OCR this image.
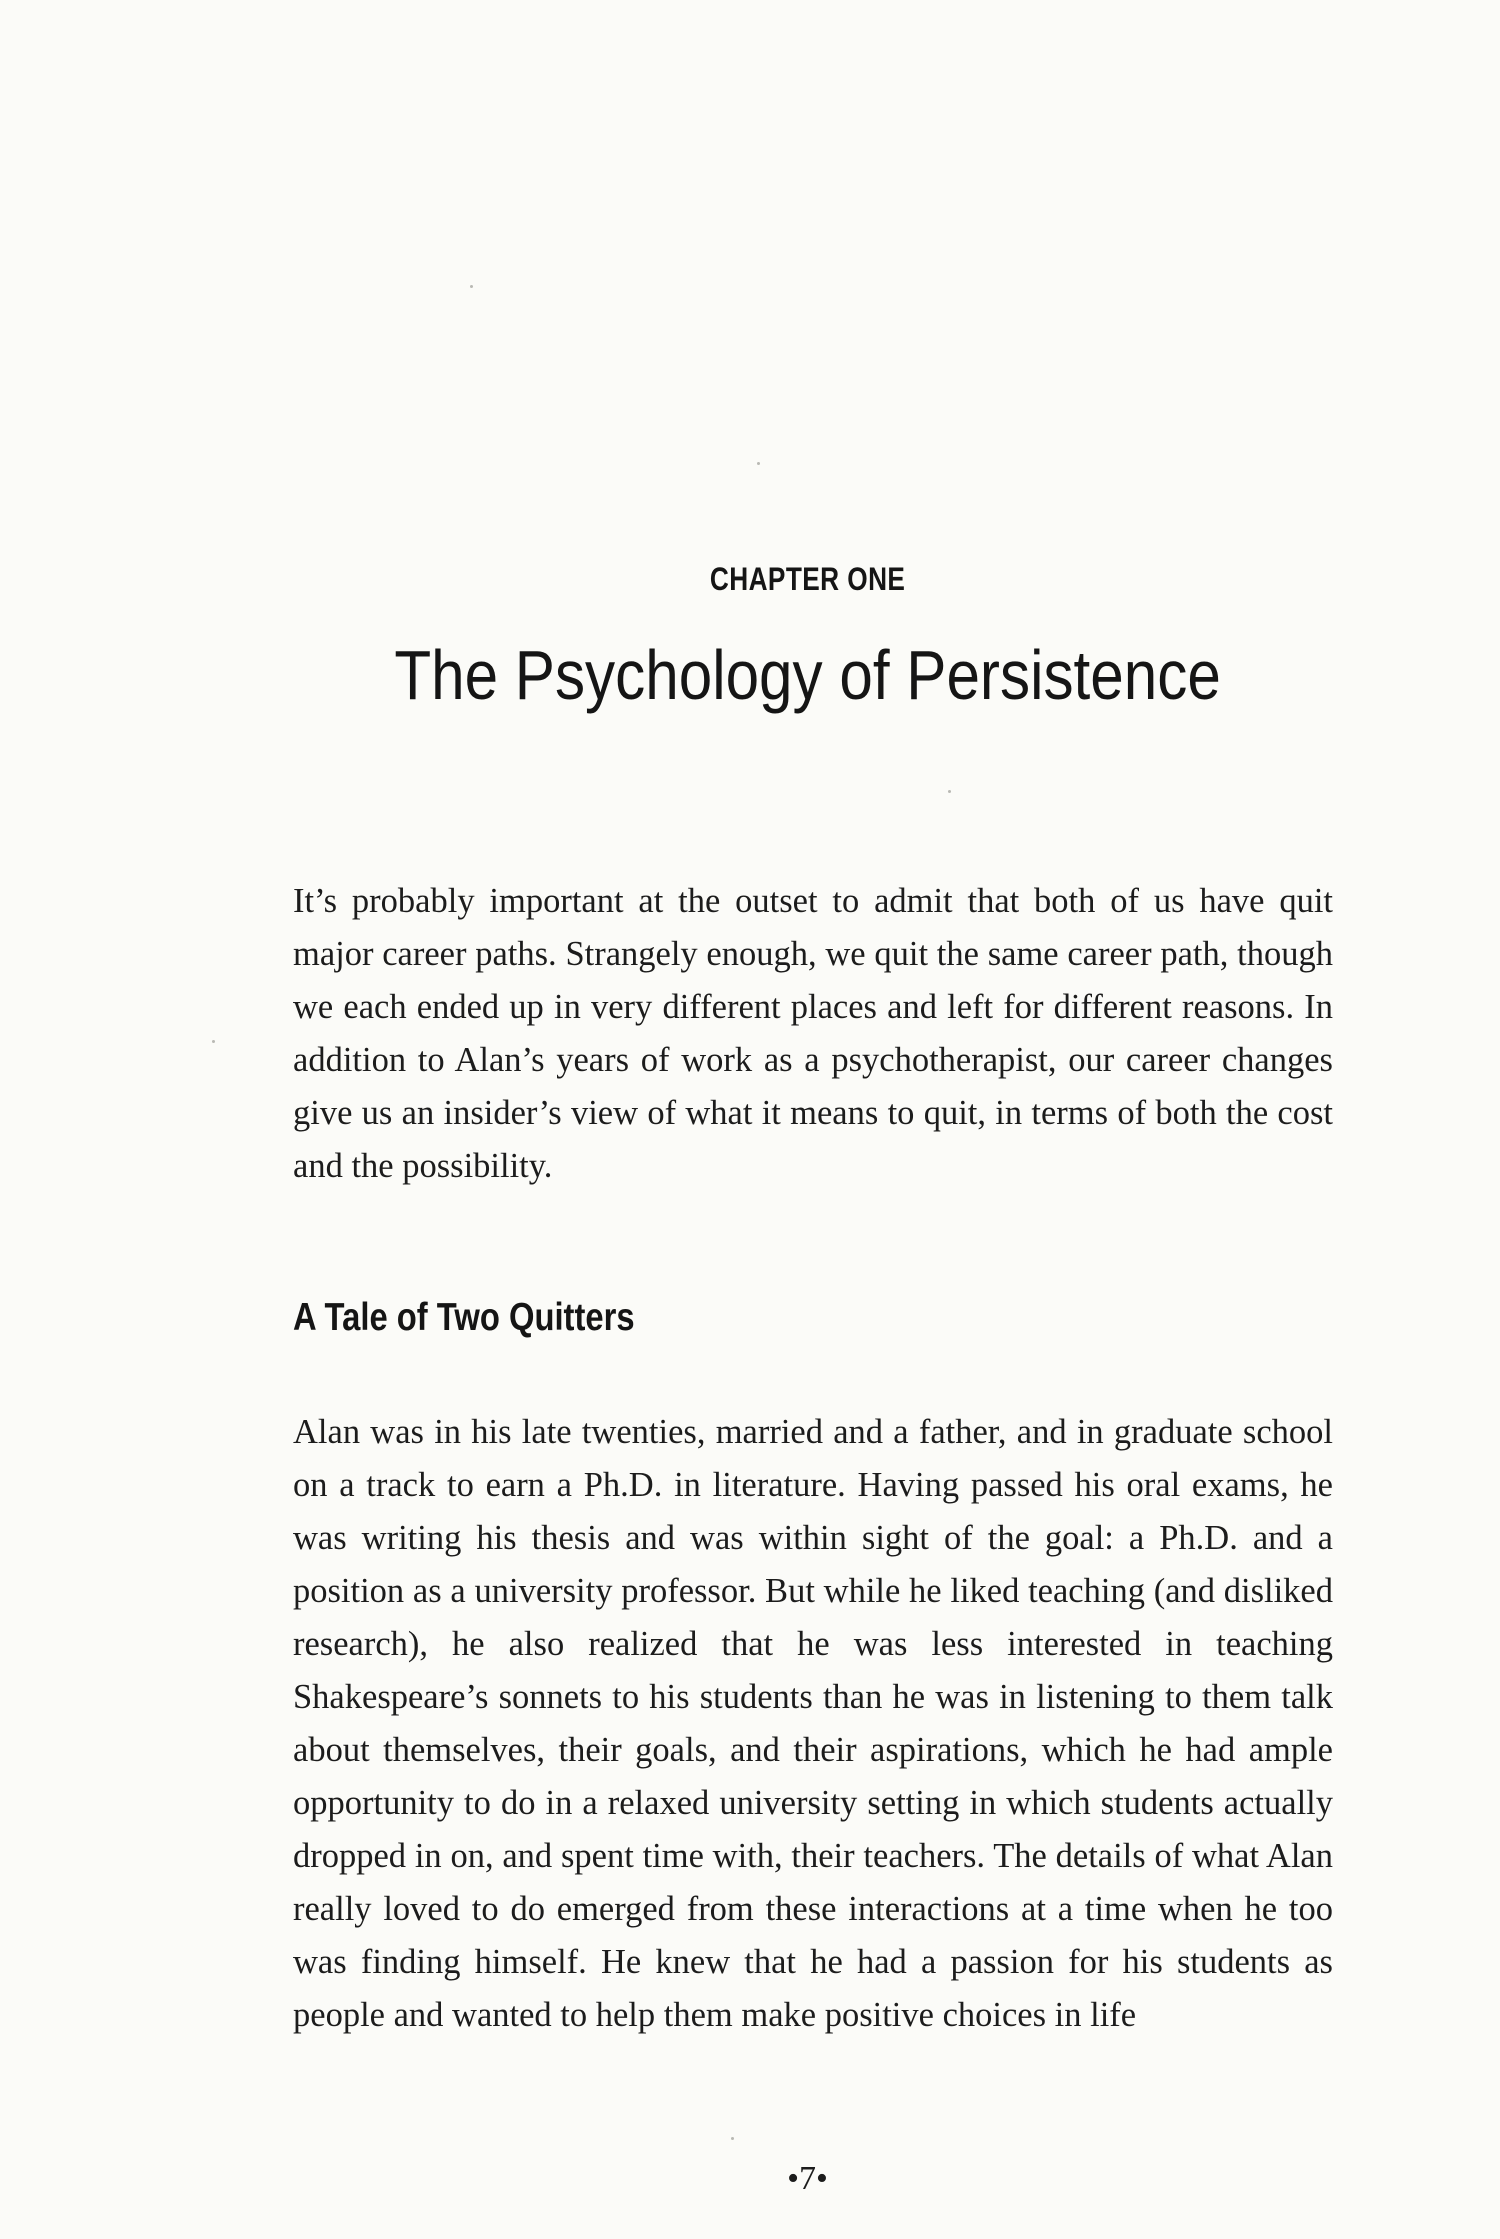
CHAPTER ONE
The Psychology of Persistence

It’s probably important at the outset to admit that both of us have quit major career paths. Strangely enough, we quit the same career path, though we each ended up in very different places and left for different reasons. In addition to Alan’s years of work as a psychotherapist, our career changes give us an insider’s view of what it means to quit, in terms of both the cost and the possibility.

A Tale of Two Quitters

Alan was in his late twenties, married and a father, and in graduate school on a track to earn a Ph.D. in literature. Having passed his oral exams, he was writing his thesis and was within sight of the goal: a Ph.D. and a position as a university professor. But while he liked teaching (and disliked research), he also realized that he was less interested in teaching Shakespeare’s sonnets to his students than he was in listening to them talk about themselves, their goals, and their aspirations, which he had ample opportunity to do in a relaxed university setting in which students actually dropped in on, and spent time with, their teachers. The details of what Alan really loved to do emerged from these interactions at a time when he too was finding himself. He knew that he had a passion for his students as people and wanted to help them make positive choices in life

•7•
